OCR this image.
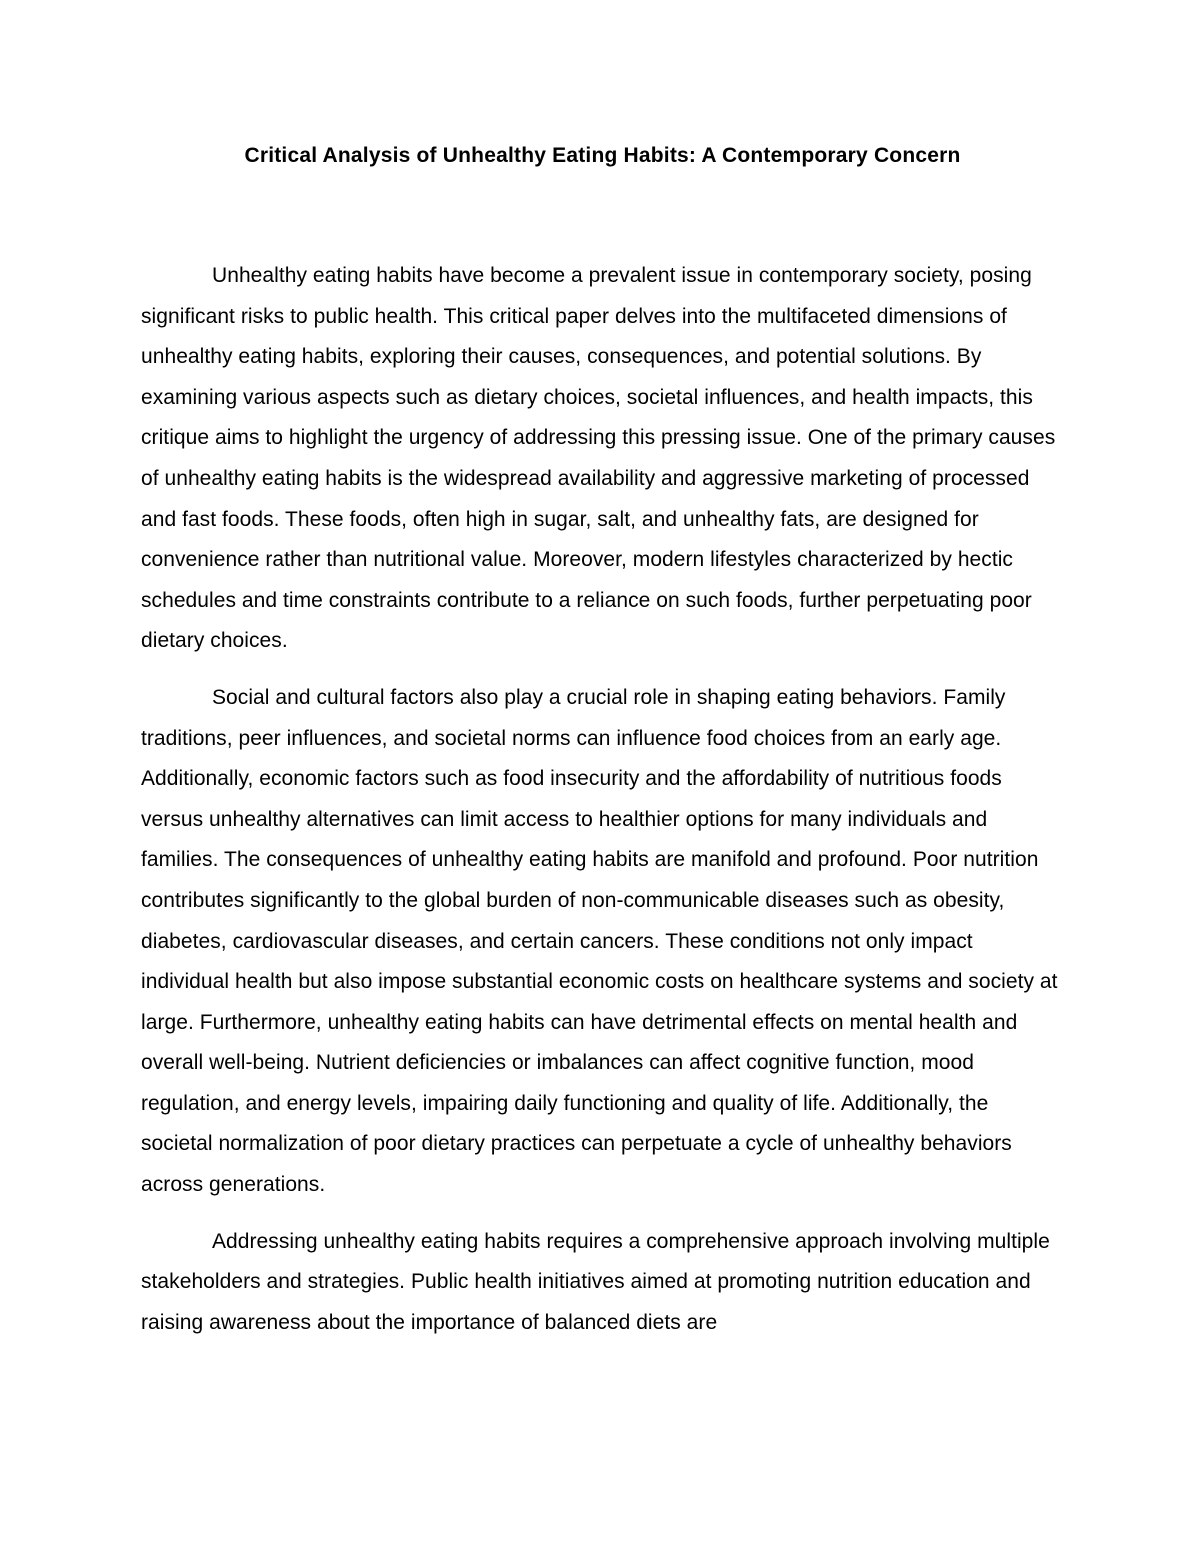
Critical Analysis of Unhealthy Eating Habits: A Contemporary Concern

Unhealthy eating habits have become a prevalent issue in contemporary society, posing significant risks to public health. This critical paper delves into the multifaceted dimensions of unhealthy eating habits, exploring their causes, consequences, and potential solutions. By examining various aspects such as dietary choices, societal influences, and health impacts, this critique aims to highlight the urgency of addressing this pressing issue. One of the primary causes of unhealthy eating habits is the widespread availability and aggressive marketing of processed and fast foods. These foods, often high in sugar, salt, and unhealthy fats, are designed for convenience rather than nutritional value. Moreover, modern lifestyles characterized by hectic schedules and time constraints contribute to a reliance on such foods, further perpetuating poor dietary choices.

Social and cultural factors also play a crucial role in shaping eating behaviors. Family traditions, peer influences, and societal norms can influence food choices from an early age. Additionally, economic factors such as food insecurity and the affordability of nutritious foods versus unhealthy alternatives can limit access to healthier options for many individuals and families. The consequences of unhealthy eating habits are manifold and profound. Poor nutrition contributes significantly to the global burden of non-communicable diseases such as obesity, diabetes, cardiovascular diseases, and certain cancers. These conditions not only impact individual health but also impose substantial economic costs on healthcare systems and society at large. Furthermore, unhealthy eating habits can have detrimental effects on mental health and overall well-being. Nutrient deficiencies or imbalances can affect cognitive function, mood regulation, and energy levels, impairing daily functioning and quality of life. Additionally, the societal normalization of poor dietary practices can perpetuate a cycle of unhealthy behaviors across generations.

Addressing unhealthy eating habits requires a comprehensive approach involving multiple stakeholders and strategies. Public health initiatives aimed at promoting nutrition education and raising awareness about the importance of balanced diets are
